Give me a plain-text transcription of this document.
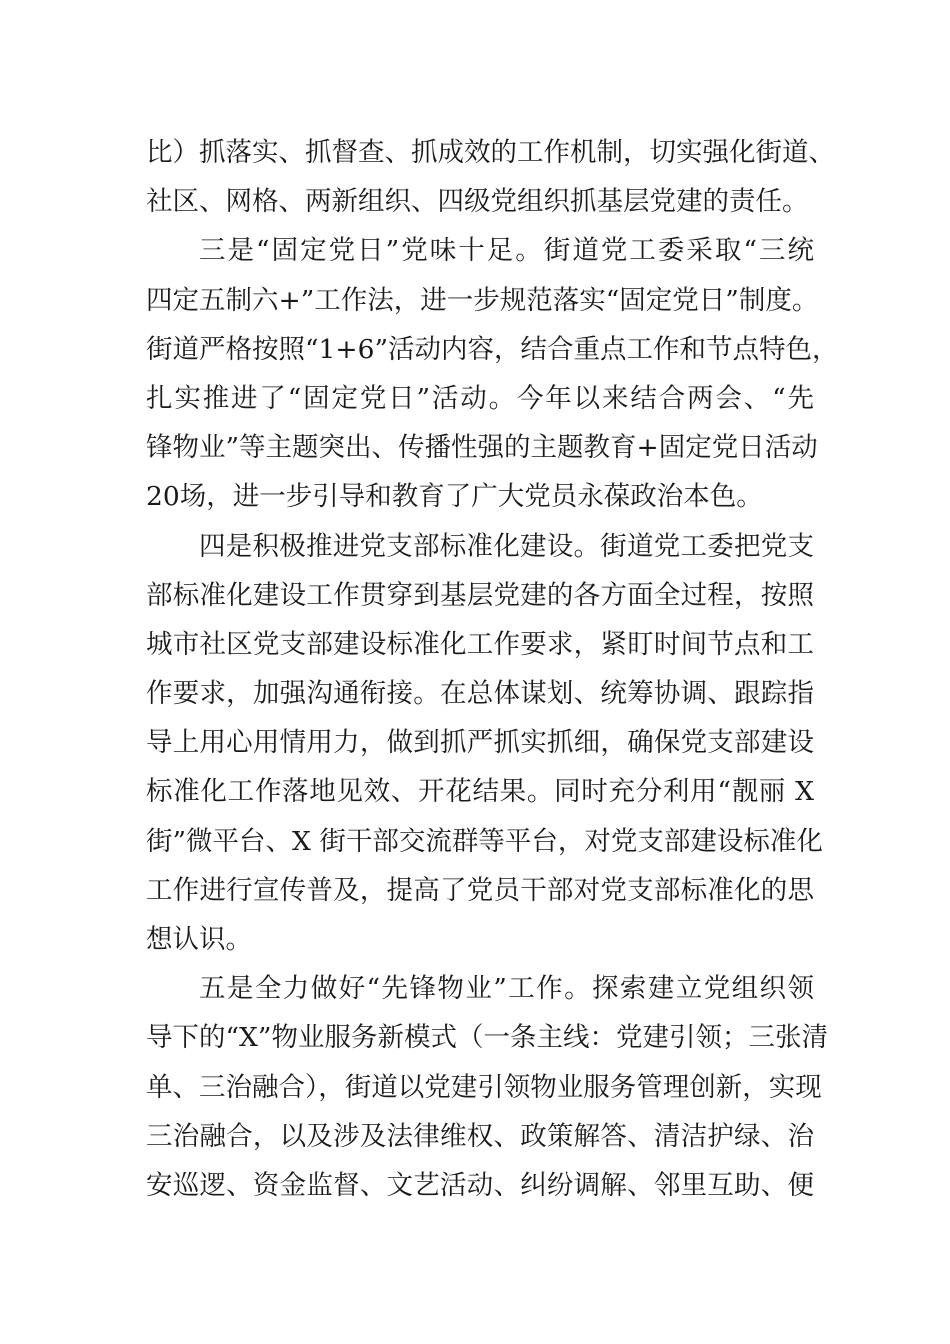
比）抓落实、抓督查、抓成效的工作机制，切实强化街道、
社区、网格、两新组织、四级党组织抓基层党建的责任。
三是“固定党日”党味十足。街道党工委采取“三统
四定五制六+”工作法，进一步规范落实“固定党日”制度。
街道严格按照“1+6”活动内容，结合重点工作和节点特色，
扎实推进了“固定党日”活动。今年以来结合两会、“先
锋物业”等主题突出、传播性强的主题教育+固定党日活动
20场，进一步引导和教育了广大党员永葆政治本色。
四是积极推进党支部标准化建设。街道党工委把党支
部标准化建设工作贯穿到基层党建的各方面全过程，按照
城市社区党支部建设标准化工作要求，紧盯时间节点和工
作要求，加强沟通衔接。在总体谋划、统筹协调、跟踪指
导上用心用情用力，做到抓严抓实抓细，确保党支部建设
标准化工作落地见效、开花结果。同时充分利用“靓丽 X
街”微平台、X 街干部交流群等平台，对党支部建设标准化
工作进行宣传普及，提高了党员干部对党支部标准化的思
想认识。
五是全力做好“先锋物业”工作。探索建立党组织领
导下的“X”物业服务新模式（一条主线：党建引领；三张清
单、三治融合），街道以党建引领物业服务管理创新，实现
三治融合，以及涉及法律维权、政策解答、清洁护绿、治
安巡逻、资金监督、文艺活动、纠纷调解、邻里互助、便
